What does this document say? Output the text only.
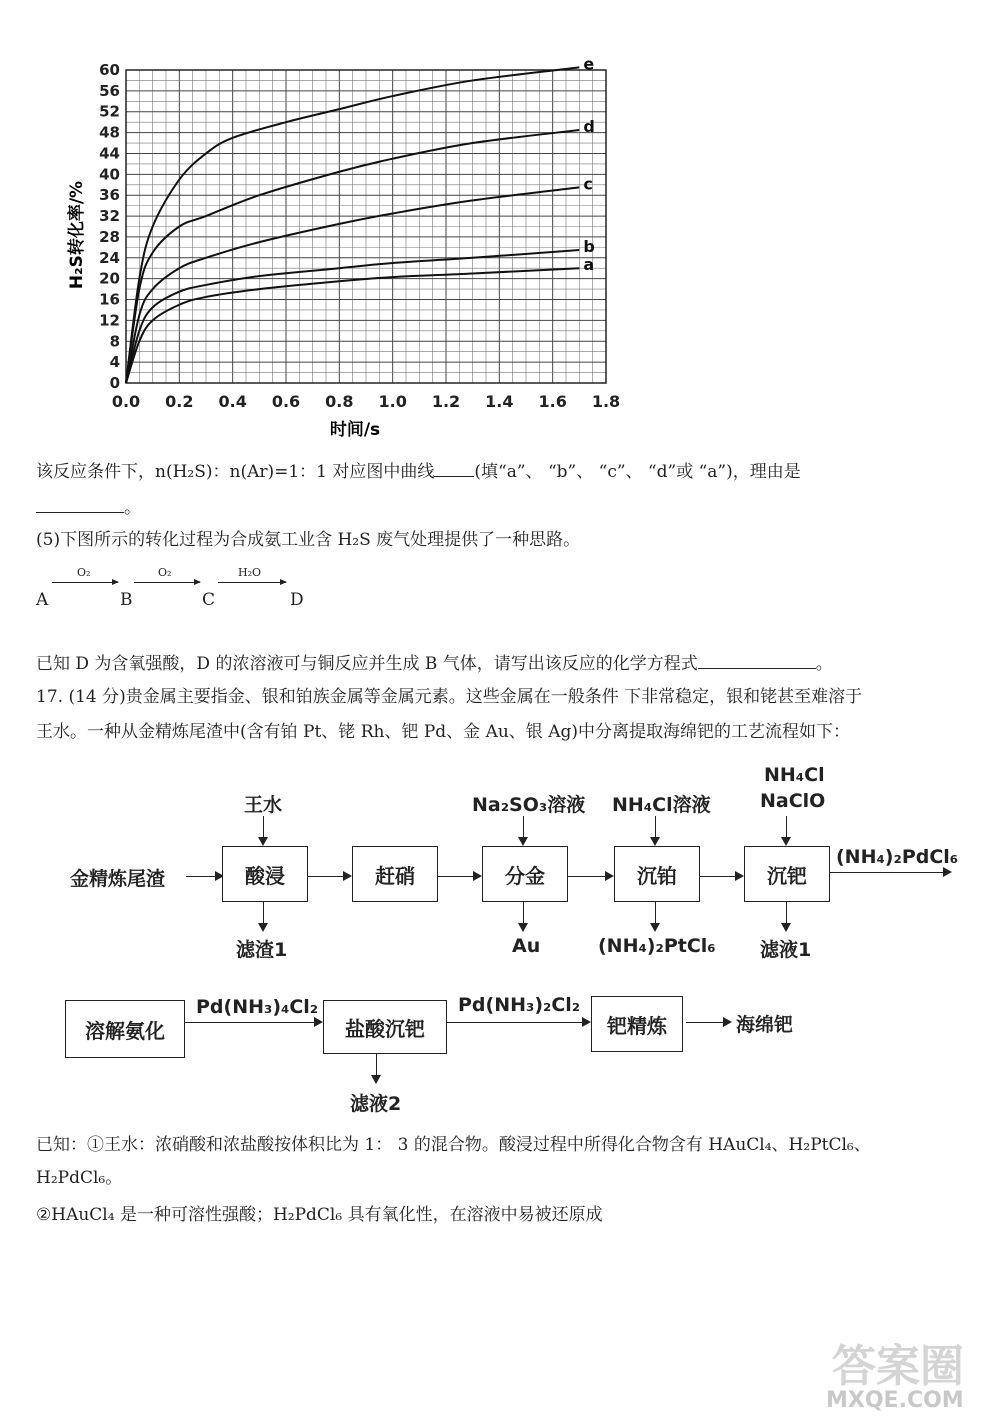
0.0 0.2 0.4 0.6 0.8 1.0 1.2 1.4 1.6 1.8
0
4
8
12
16
20
24
28
32
36
40
44
48
52
56
60
a
b
c
d
e
H₂S转化率/%
时间/s
该反应条件下，n(H₂S)：n(Ar)=1：1 对应图中曲线 (填“a”、 “b”、 “c”、 “d”或 “a”)，理由是
。
(5)下图所示的转化过程为合成氨工业含 H₂S 废气处理提供了一种思路。
A
O₂
B
O₂
C
H₂O
D
已知 D 为含氧强酸，D 的浓溶液可与铜反应并生成 B 气体，请写出该反应的化学方程式	。
17. (14 分)贵金属主要指金、银和铂族金属等金属元素。这些金属在一般条件 下非常稳定，银和铑甚至难溶于
王水。一种从金精炼尾渣中(含有铂 Pt、铑 Rh、钯 Pd、金 Au、银 Ag)中分离提取海绵钯的工艺流程如下：
金精炼尾渣	酸浸
王水
滤渣1
赶硝	分金
Na₂SO₃溶液
Au
沉铂
NH₄Cl溶液
(NH₄)₂PtCl₆
沉钯
NH₄Cl
NaClO
滤液1
(NH₄)₂PdCl₆
溶解氨化
Pd(NH₃)₄Cl₂
盐酸沉钯
滤液2
Pd(NH₃)₂Cl₂
钯精炼	海绵钯
已知：①王水：浓硝酸和浓盐酸按体积比为 1： 3 的混合物。酸浸过程中所得化合物含有 HAuCl₄、H₂PtCl₆、
H₂PdCl₆。
②HAuCl₄ 是一种可溶性强酸；H₂PdCl₆ 具有氧化性，在溶液中易被还原成
答案圈
MXQE.COM
